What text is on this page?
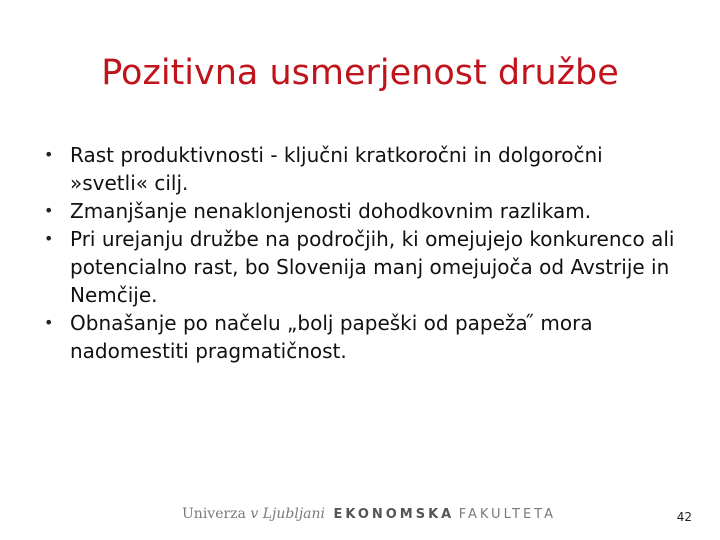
Pozitivna usmerjenost družbe
• Rast produktivnosti - ključni kratkoročni in dolgoročni »svetli« cilj.
• Zmanjšanje nenaklonjenosti dohodkovnim razlikam.
• Pri urejanju družbe na področjih, ki omejujejo konkurenco ali potencialno rast, bo Slovenija manj omejujoča od Avstrije in Nemčije.
• Obnašanje po načelu „bolj papeški od papeža ̋ mora nadomestiti pragmatičnost.
Univerza v Ljubljani EKONOMSKA FAKULTETA	42
